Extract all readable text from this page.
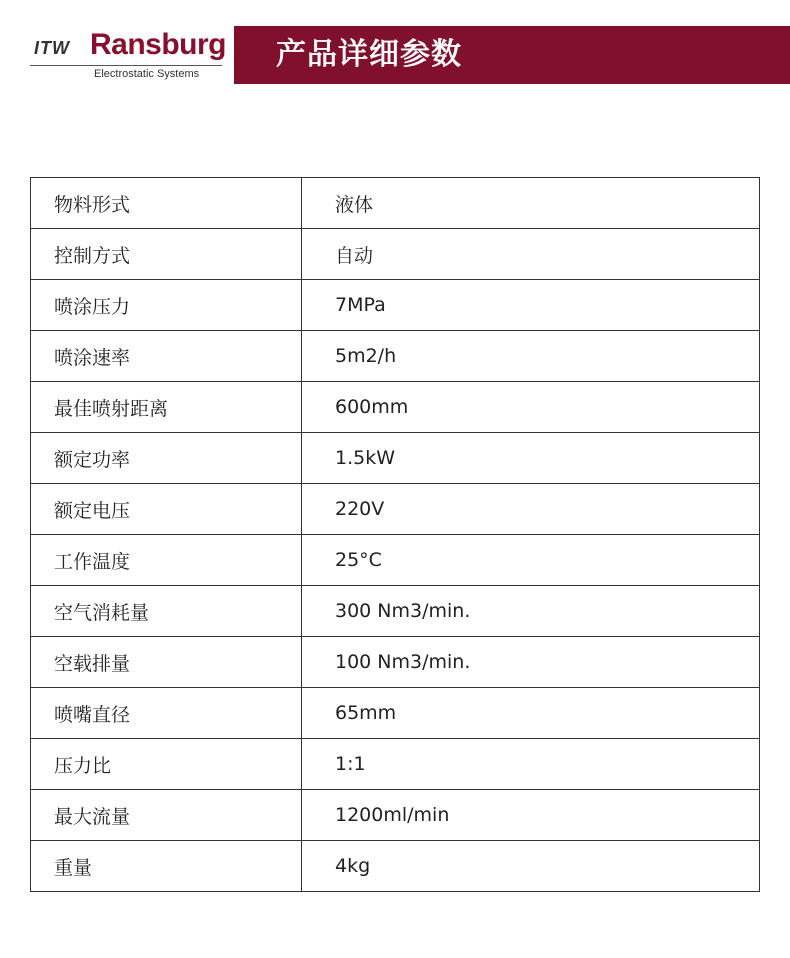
ITW Ransburg
Electrostatic Systems
产品详细参数
物料形式	液体
控制方式	自动
喷涂压力	7MPa
喷涂速率	5m2/h
最佳喷射距离	600mm
额定功率	1.5kW
额定电压	220V
工作温度	25°C
空气消耗量	300 Nm3/min.
空载排量	100 Nm3/min.
喷嘴直径	65mm
压力比	1:1
最大流量	1200ml/min
重量	4kg
